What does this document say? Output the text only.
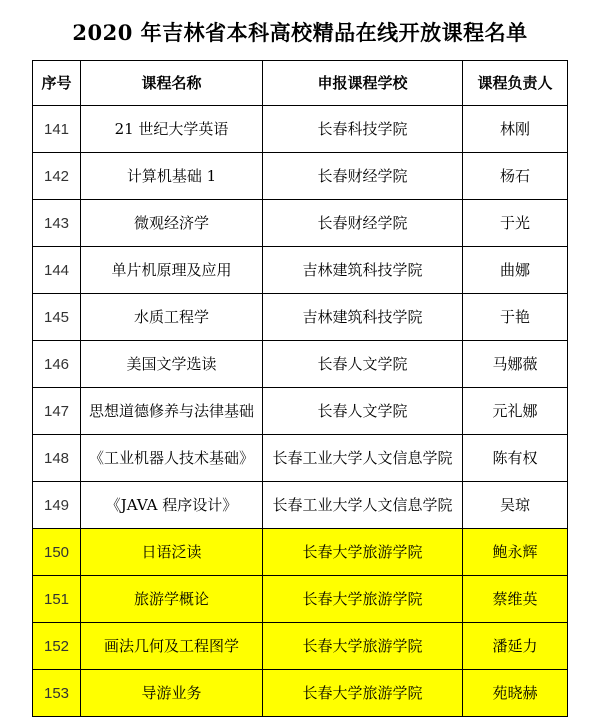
2020 年吉林省本科高校精品在线开放课程名单
序号	课程名称	申报课程学校	课程负责人
141	21 世纪大学英语	长春科技学院	林刚
142	计算机基础 1	长春财经学院	杨石
143	微观经济学	长春财经学院	于光
144	单片机原理及应用	吉林建筑科技学院	曲娜
145	水质工程学	吉林建筑科技学院	于艳
146	美国文学选读	长春人文学院	马娜薇
147	思想道德修养与法律基础	长春人文学院	元礼娜
148	《工业机器人技术基础》	长春工业大学人文信息学院	陈有权
149	《JAVA 程序设计》	长春工业大学人文信息学院	吴琼
150	日语泛读	长春大学旅游学院	鲍永辉
151	旅游学概论	长春大学旅游学院	蔡维英
152	画法几何及工程图学	长春大学旅游学院	潘延力
153	导游业务	长春大学旅游学院	苑晓赫
